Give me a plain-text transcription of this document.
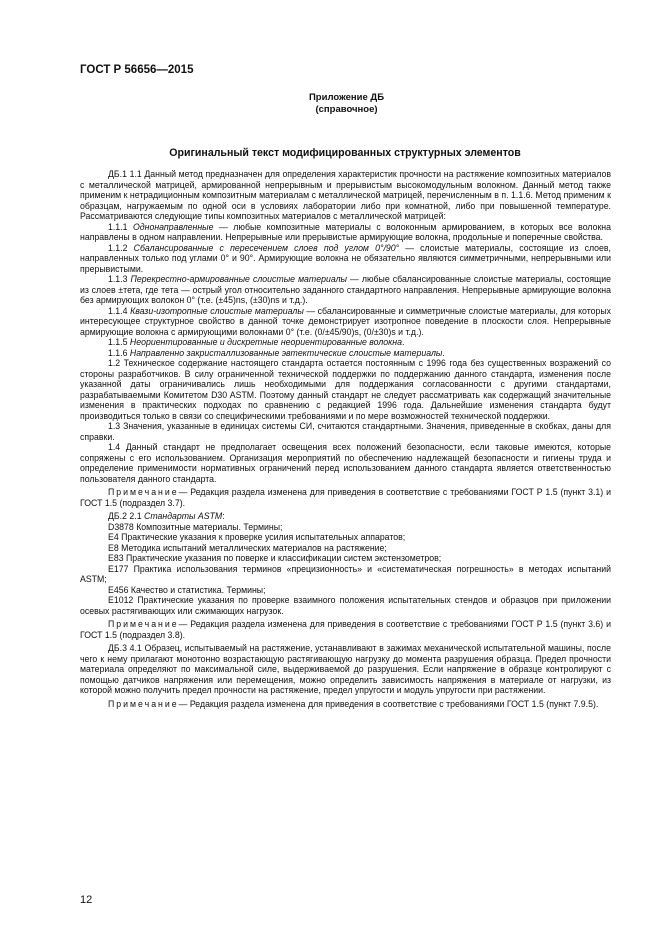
ГОСТ Р 56656—2015
Приложение ДБ
(справочное)
Оригинальный текст модифицированных структурных элементов

ДБ.1 1.1 Данный метод предназначен для определения характеристик прочности на растяжение композитных материалов с металлической матрицей, армированной непрерывным и прерывистым высокомодульным волокном. Данный метод также применим к нетрадиционным композитным материалам с металлической матрицей, перечисленным в п. 1.1.6. Метод применим к образцам, нагружаемым по одной оси в условиях лаборатории либо при комнатной, либо при повышенной температуре. Рассматриваются следующие типы композитных материалов с металлической матрицей:

1.1.1 Однонаправленные — любые композитные материалы с волоконным армированием, в которых все волокна направлены в одном направлении. Непрерывные или прерывистые армирующие волокна, продольные и поперечные свойства.

1.1.2 Сбалансированные с пересечением слоев под углом 0°/90° — слоистые материалы, состоящие из слоев, направленных только под углами 0° и 90°. Армирующие волокна не обязательно являются симметричными, непрерывными или прерывистыми.

1.1.3 Перекрестно-армированные слоистые материалы — любые сбалансированные слоистые материалы, состоящие из слоев ±тета, где тета — острый угол относительно заданного стандартного направления. Непрерывные армирующие волокна без армирующих волокон 0° (т.е. (±45)ns, (±30)ns и т.д.).

1.1.4 Квази-изотропные слоистые материалы — сбалансированные и симметричные слоистые материалы, для которых интересующее структурное свойство в данной точке демонстрирует изотропное поведение в плоскости слоя. Непрерывные армирующие волокна с армирующими волокнами 0° (т.е. (0/±45/90)s, (0/±30)s и т.д.).

1.1.5 Неориентированные и дискретные неориентированные волокна.

1.1.6 Направленно закристаллизованные эвтектические слоистые материалы.

1.2 Техническое содержание настоящего стандарта остается постоянным с 1996 года без существенных возражений со стороны разработчиков. В силу ограниченной технической поддержки по поддержанию данного стандарта, изменения после указанной даты ограничивались лишь необходимыми для поддержания согласованности с другими стандартами, разрабатываемыми Комитетом D30 ASTM. Поэтому данный стандарт не следует рассматривать как содержащий значительные изменения в практических подходах по сравнению с редакцией 1996 года. Дальнейшие изменения стандарта будут производиться только в связи со специфическими требованиями и по мере возможностей технической поддержки.

1.3 Значения, указанные в единицах системы СИ, считаются стандартными. Значения, приведенные в скобках, даны для справки.

1.4 Данный стандарт не предполагает освещения всех положений безопасности, если таковые имеются, которые сопряжены с его использованием. Организация мероприятий по обеспечению надлежащей безопасности и гигиены труда и определение применимости нормативных ограничений перед использованием данного стандарта является ответственностью пользователя данного стандарта.

Примечание— Редакция раздела изменена для приведения в соответствие с требованиями ГОСТ Р 1.5 (пункт 3.1) и ГОСТ 1.5 (подраздел 3.7).

ДБ.2 2.1 Стандарты ASTM:

D3878 Композитные материалы. Термины;

Е4 Практические указания к проверке усилия испытательных аппаратов;

Е8 Методика испытаний металлических материалов на растяжение;

Е83 Практические указания по поверке и классификации систем экстензометров;

Е177 Практика использования терминов «прецизионность» и «систематическая погрешность» в методах испытаний ASTM;

Е456 Качество и статистика. Термины;

Е1012 Практические указания по проверке взаимного положения испытательных стендов и образцов при приложении осевых растягивающих или сжимающих нагрузок.

Примечание— Редакция раздела изменена для приведения в соответствие с требованиями ГОСТ Р 1.5 (пункт 3.6) и ГОСТ 1.5 (подраздел 3.8).

ДБ.3 4.1 Образец, испытываемый на растяжение, устанавливают в зажимах механической испытательной машины, после чего к нему прилагают монотонно возрастающую растягивающую нагрузку до момента разрушения образца. Предел прочности материала определяют по максимальной силе, выдерживаемой до разрушения. Если напряжение в образце контролируют с помощью датчиков напряжения или перемещения, можно определить зависимость напряжения в материале от нагрузки, из которой можно получить предел прочности на растяжение, предел упругости и модуль упругости при растяжении.

Примечание— Редакция раздела изменена для приведения в соответствие с требованиями ГОСТ 1.5 (пункт 7.9.5).

12
